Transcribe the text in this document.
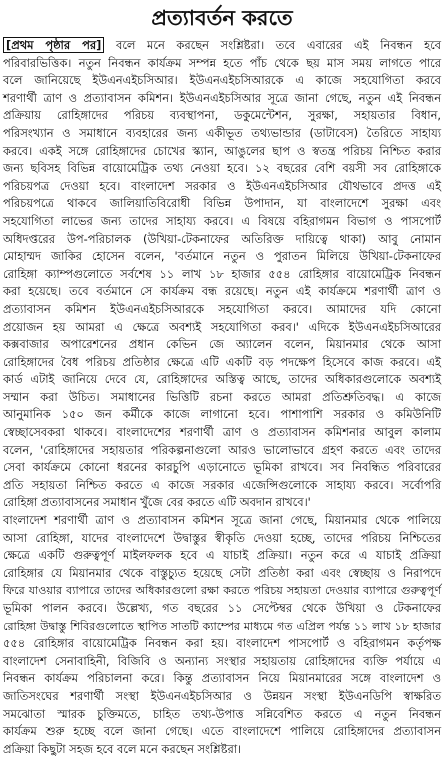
প্রত্যাবর্তন করতে
[প্রথম পৃষ্ঠার পর] বলে মনে করছেন সংশ্লিষ্টরা। তবে এবারের এই নিবন্ধন হবে
পরিবারভিত্তিক। নতুন নিবন্ধন কার্যক্রম সম্পন্ন হতে পাঁচ থেকে ছয় মাস সময় লাগতে পারে
বলে জানিয়েছে ইউএনএইচসিআর। ইউএনএইচসিআরকে এ কাজে সহযোগিতা করবে
শরণার্থী ত্রাণ ও প্রত্যাবাসন কমিশন। ইউএনএইচসিআর সূত্রে জানা গেছে, নতুন এই নিবন্ধন
প্রক্রিয়ায় রোহিঙ্গাদের পরিচয় ব্যবস্থাপনা, ডকুমেন্টেশন, সুরক্ষা, সহায়তার বিধান,
পরিসংখ্যান ও সমাধানে ব্যবহারের জন্য একীভূত তথ্যভান্ডার (ডাটাবেস) তৈরিতে সাহায্য
করবে। একই সঙ্গে রোহিঙ্গাদের চোখের স্ক্যান, আঙুলের ছাপ ও স্বতন্ত্র পরিচয় নিশ্চিত করার
জন্য ছবিসহ বিভিন্ন বায়োমেট্রিক তথ্য নেওয়া হবে। ১২ বছরের বেশি বয়সী সব রোহিঙ্গাকে
পরিচয়পত্র দেওয়া হবে। বাংলাদেশ সরকার ও ইউএনএইচসিআর যৌথভাবে প্রদত্ত এই
পরিচয়পত্রে থাকবে জালিয়াতিবিরোধী বিভিন্ন উপাদান, যা বাংলাদেশে সুরক্ষা এবং
সহযোগিতা লাভের জন্য তাদের সাহায্য করবে। এ বিষয়ে বহিরাগমন বিভাগ ও পাসপোর্ট
অধিদপ্তরের উপ-পরিচালক (উখিয়া-টেকনাফের অতিরিক্ত দায়িত্বে থাকা) আবু নোমান
মোহাম্মদ জাকির হোসেন বলেন, 'বর্তমানে নতুন ও পুরাতন মিলিয়ে উখিয়া-টেকনাফের
রোহিঙ্গা ক্যাম্পগুলোতে সর্বশেষ ১১ লাখ ১৮ হাজার ৫৫৪ রোহিঙ্গার বায়োমেট্রিক নিবন্ধন
করা হয়েছে। তবে বর্তমানে সে কার্যক্রম বন্ধ রয়েছে। নতুন এই কার্যক্রমে শরণার্থী ত্রাণ ও
প্রত্যাবাসন কমিশন ইউএনএইচসিআরকে সহযোগিতা করবে। আমাদের যদি কোনো
প্রয়োজন হয় আমরা এ ক্ষেত্রে অবশ্যই সহযোগিতা করব।' এদিকে ইউএনএইচসিআরের
কক্সবাজার অপারেশনের প্রধান কেভিন জে অ্যালেন বলেন, মিয়ানমার থেকে আসা
রোহিঙ্গাদের বৈধ পরিচয় প্রতিষ্ঠার ক্ষেত্রে এটি একটি বড় পদক্ষেপ হিসেবে কাজ করবে। এই
কার্ড এটাই জানিয়ে দেবে যে, রোহিঙ্গাদের অস্তিত্ব আছে, তাদের অধিকারগুলোকে অবশ্যই
সম্মান করা উচিত। সমাধানের ভিত্তিটি রচনা করতে আমরা প্রতিশ্রুতিবদ্ধ। এ কাজে
আনুমানিক ১৫০ জন কর্মীকে কাজে লাগানো হবে। পাশাপাশি সরকার ও কমিউনিটি
স্বেচ্ছাসেবকরা থাকবে। বাংলাদেশের শরণার্থী ত্রাণ ও প্রত্যাবাসন কমিশনার আবুল কালাম
বলেন, 'রোহিঙ্গাদের সহায়তার পরিকল্পনাগুলো আরও ভালোভাবে গ্রহণ করতে এবং তাদের
সেবা কার্যক্রমে কোনো ধরনের কারচুপি এড়ানোতে ভূমিকা রাখবে। সব নিবন্ধিত পরিবারের
প্রতি সহায়তা নিশ্চিত করতে এ কাজে সরকার এজেন্সিগুলোকে সাহায্য করবে। সর্বোপরি
রোহিঙ্গা প্রত্যাবাসনের সমাধান খুঁজে বের করতে এটি অবদান রাখবে।'
বাংলাদেশ শরণার্থী ত্রাণ ও প্রত্যাবাসন কমিশন সূত্রে জানা গেছে, মিয়ানমার থেকে পালিয়ে
আসা রোহিঙ্গা, যাদের বাংলাদেশে উদ্বাস্তুর স্বীকৃতি দেওয়া হচ্ছে, তাদের পরিচয় নিশ্চিতের
ক্ষেত্রে একটি গুরুত্বপূর্ণ মাইলফলক হবে এ যাচাই প্রক্রিয়া। নতুন করে এ যাচাই প্রক্রিয়া
রোহিঙ্গার যে মিয়ানমার থেকে বাস্তুচ্যুত হয়েছে সেটা প্রতিষ্ঠা করা এবং স্বেচ্ছায় ও নিরাপদে
ফিরে যাওয়ার ব্যাপারে তাদের অধিকারগুলো রক্ষা করতে পরিচয় সহায়তা দেওয়ার ব্যাপারে গুরুত্বপূর্ণ
ভূমিকা পালন করবে। উল্লেখ্য, গত বছরের ১১ সেপ্টেম্বর থেকে উখিয়া ও টেকনাফের
রোহিঙ্গা উদ্বাস্তু শিবিরগুলোতে স্থাপিত সাতটি ক্যাম্পের মাধ্যমে গত এপ্রিল পর্যন্ত ১১ লাখ ১৮ হাজার
৫৫৪ রোহিঙ্গার বায়োমেট্রিক নিবন্ধন করা হয়। বাংলাদেশ পাসপোর্ট ও বহিরাগমন কর্তৃপক্ষ
বাংলাদেশ সেনাবাহিনী, বিজিবি ও অন্যান্য সংস্থার সহায়তায় রোহিঙ্গাদের ব্যক্তি পর্যায়ে এ
নিবন্ধন কার্যক্রম পরিচালনা করে। কিন্তু প্রত্যাবাসন নিয়ে মিয়ানমারের সঙ্গে বাংলাদেশ ও
জাতিসংঘের শরণার্থী সংস্থা ইউএনএইচসিআর ও উন্নয়ন সংস্থা ইউএনডিপি স্বাক্ষরিত
সমঝোতা স্মারক চুক্তিমতে, চাহিত তথ্য-উপাত্ত সন্নিবেশিত করতে এ নতুন নিবন্ধন
কার্যক্রম শুরু হচ্ছে বলে জানা গেছে। এতে বাংলাদেশে পালিয়ে রোহিঙ্গাদের প্রত্যাবাসন
প্রক্রিয়া কিছুটা সহজ হবে বলে মনে করছেন সংশ্লিষ্টরা।
